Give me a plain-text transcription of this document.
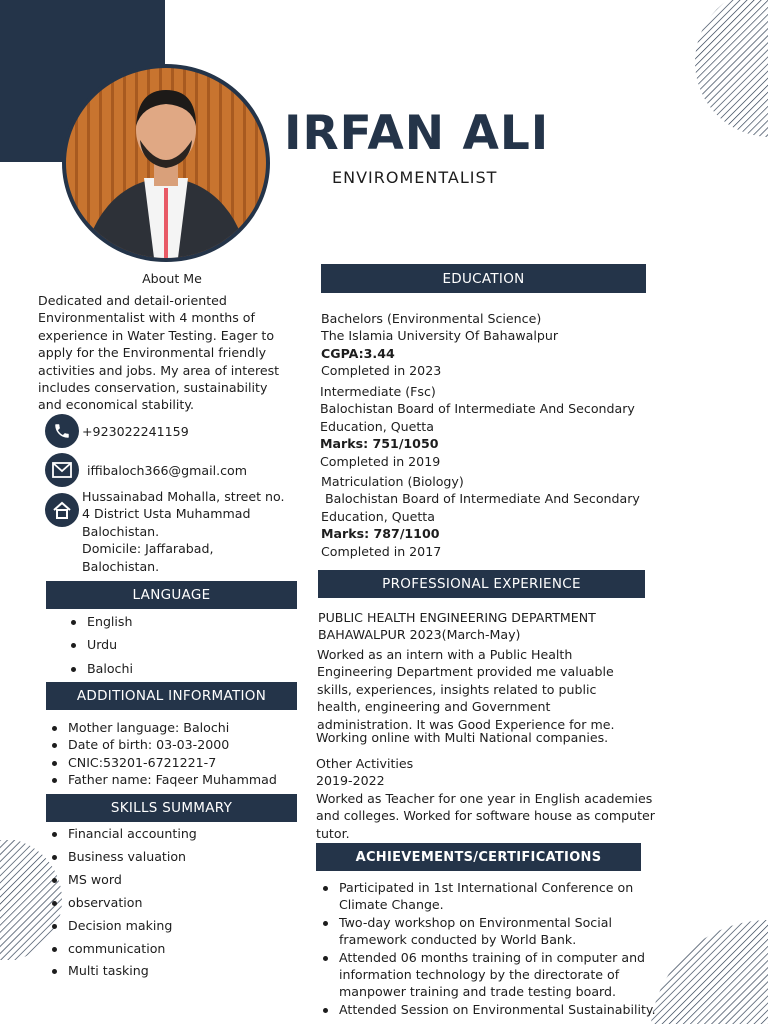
IRFAN ALI
ENVIROMENTALIST
About Me
Dedicated and detail-oriented Environmentalist with 4 months of experience in Water Testing. Eager to apply for the Environmental friendly activities and jobs. My area of interest includes conservation, sustainability and economical stability.
+923022241159
iffibaloch366@gmail.com
Hussainabad Mohalla, street no.
4 District Usta Muhammad
Balochistan.
Domicile: Jaffarabad,
Balochistan.
LANGUAGE
English
Urdu
Balochi
ADDITIONAL INFORMATION
Mother language: Balochi
Date of birth: 03-03-2000
CNIC:53201-6721221-7
Father name: Faqeer Muhammad
SKILLS SUMMARY
Financial accounting
Business valuation
MS word
observation
Decision making
communication
Multi tasking
EDUCATION
Bachelors (Environmental Science)
The Islamia University Of Bahawalpur
CGPA:3.44
Completed in 2023
Intermediate (Fsc)
Balochistan Board of Intermediate And Secondary
Education, Quetta
Marks: 751/1050
Completed in 2019
Matriculation (Biology)
Balochistan Board of Intermediate And Secondary
Education, Quetta
Marks: 787/1100
Completed in 2017
PROFESSIONAL EXPERIENCE
PUBLIC HEALTH ENGINEERING DEPARTMENT
BAHAWALPUR 2023(March-May)
Worked as an intern with a Public Health Engineering Department provided me valuable skills, experiences, insights related to public health, engineering and Government administration. It was Good Experience for me.
Working online with Multi National companies.
Other Activities
2019-2022
Worked as Teacher for one year in English academies and colleges. Worked for software house as computer tutor.
ACHIEVEMENTS/CERTIFICATIONS
Participated in 1st International Conference on Climate Change.
Two-day workshop on Environmental Social framework conducted by World Bank.
Attended 06 months training of in computer and information technology by the directorate of manpower training and trade testing board.
Attended Session on Environmental Sustainability.
